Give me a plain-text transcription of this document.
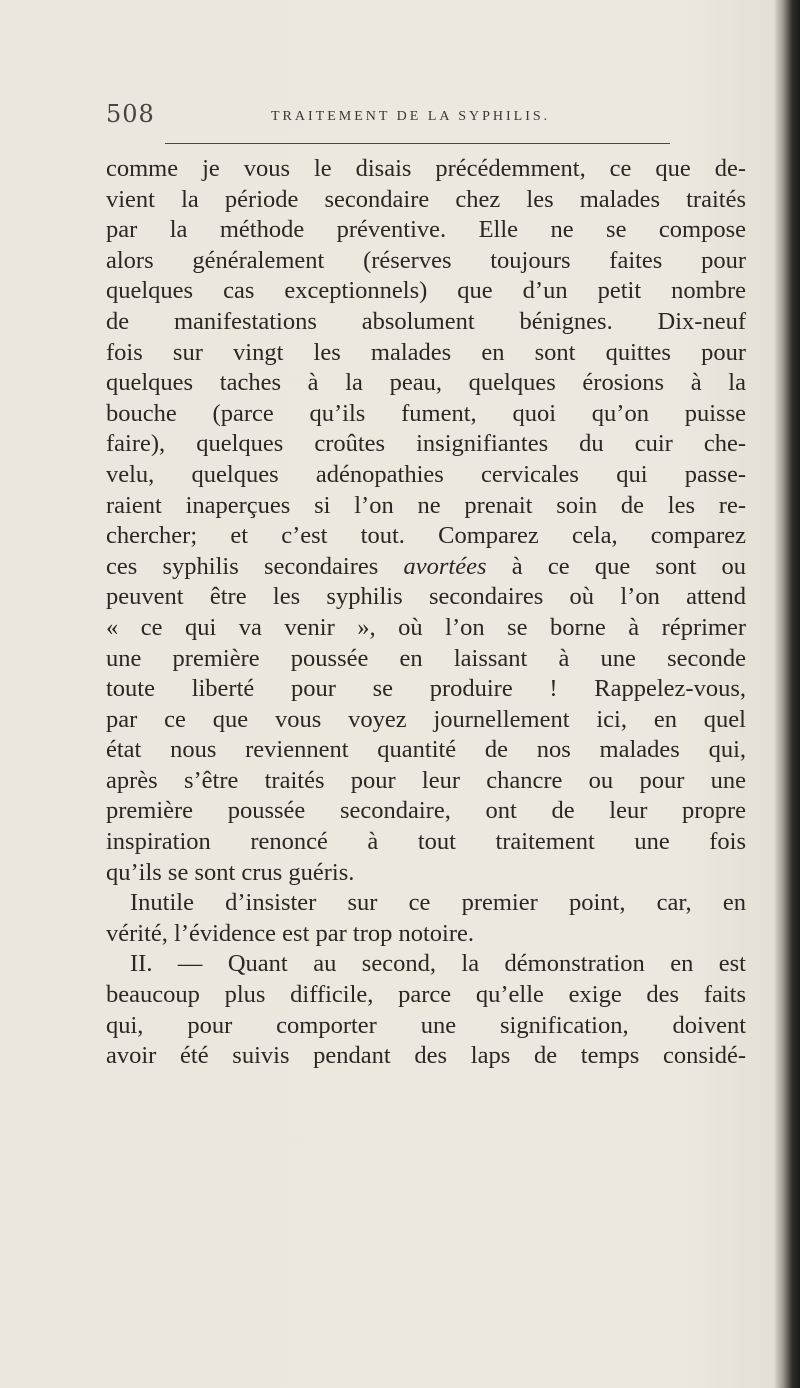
508	TRAITEMENT DE LA SYPHILIS.
comme je vous le disais précédemment, ce que de-
vient la période secondaire chez les malades traités
par la méthode préventive. Elle ne se compose
alors généralement (réserves toujours faites pour
quelques cas exceptionnels) que d’un petit nombre
de manifestations absolument bénignes. Dix-neuf
fois sur vingt les malades en sont quittes pour
quelques taches à la peau, quelques érosions à la
bouche (parce qu’ils fument, quoi qu’on puisse
faire), quelques croûtes insignifiantes du cuir che-
velu, quelques adénopathies cervicales qui passe-
raient inaperçues si l’on ne prenait soin de les re-
chercher; et c’est tout. Comparez cela, comparez
ces syphilis secondaires avortées à ce que sont ou
peuvent être les syphilis secondaires où l’on attend
« ce qui va venir », où l’on se borne à réprimer
une première poussée en laissant à une seconde
toute liberté pour se produire ! Rappelez-vous,
par ce que vous voyez journellement ici, en quel
état nous reviennent quantité de nos malades qui,
après s’être traités pour leur chancre ou pour une
première poussée secondaire, ont de leur propre
inspiration renoncé à tout traitement une fois
qu’ils se sont crus guéris.
Inutile d’insister sur ce premier point, car, en
vérité, l’évidence est par trop notoire.
II. — Quant au second, la démonstration en est
beaucoup plus difficile, parce qu’elle exige des faits
qui, pour comporter une signification, doivent
avoir été suivis pendant des laps de temps considé-
